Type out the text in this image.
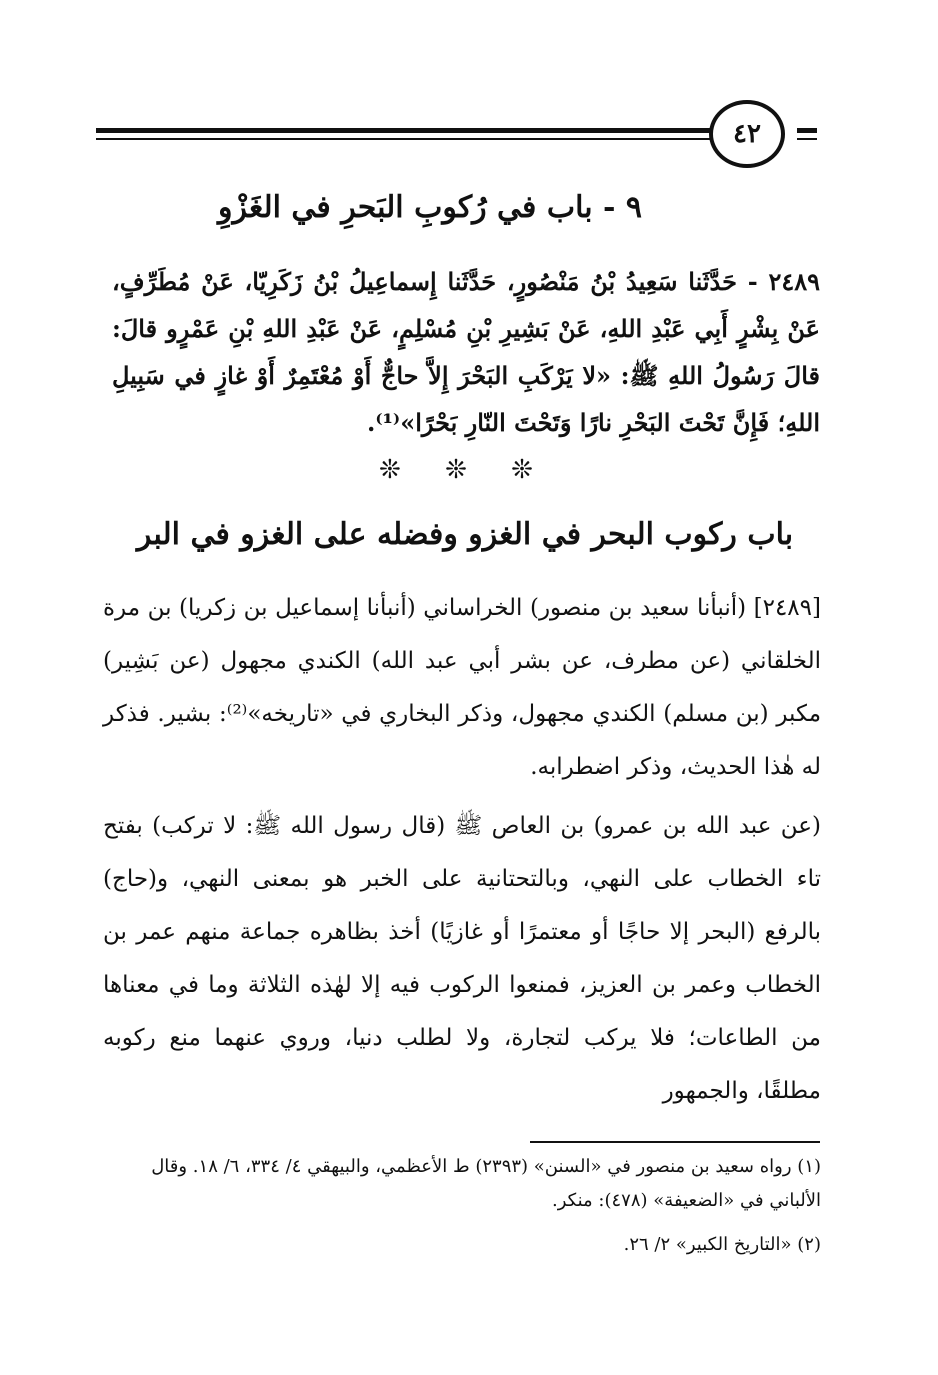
٤٢
٩ - باب في رُكوبِ البَحرِ في الغَزْوِ

٢٤٨٩ - حَدَّثَنا سَعِيدُ بْنُ مَنْصُورٍ، حَدَّثَنا إِسماعِيلُ بْنُ زَكَرِيّا، عَنْ مُطَرِّفٍ، عَنْ بِشْرٍ أَبِي عَبْدِ اللهِ، عَنْ بَشِيرِ بْنِ مُسْلِمٍ، عَنْ عَبْدِ اللهِ بْنِ عَمْرٍو قالَ: قالَ رَسُولُ اللهِ ﷺ: «لا يَرْكَبِ البَحْرَ إِلاَّ حاجٌّ أَوْ مُعْتَمِرٌ أَوْ غازٍ في سَبِيلِ اللهِ؛ فَإِنَّ تَحْتَ البَحْرِ نارًا وَتَحْتَ النّارِ بَحْرًا»⁽¹⁾.

❊ ❊ ❊
باب ركوب البحر في الغزو وفضله على الغزو في البر

[٢٤٨٩] (أنبأنا سعيد بن منصور) الخراساني (أنبأنا إسماعيل بن زكريا) بن مرة الخلقاني (عن مطرف، عن بشر أبي عبد الله) الكندي مجهول (عن بَشِير) مكبر (بن مسلم) الكندي مجهول، وذكر البخاري في «تاريخه»⁽²⁾: بشير. فذكر له هٰذا الحديث، وذكر اضطرابه.

(عن عبد الله بن عمرو) بن العاص ﷺ (قال رسول الله ﷺ: لا تركب) بفتح تاء الخطاب على النهي، وبالتحتانية على الخبر هو بمعنى النهي، و(حاج) بالرفع (البحر إلا حاجًا أو معتمرًا أو غازيًا) أخذ بظاهره جماعة منهم عمر بن الخطاب وعمر بن العزيز، فمنعوا الركوب فيه إلا لهٰذه الثلاثة وما في معناها من الطاعات؛ فلا يركب لتجارة، ولا لطلب دنيا، وروي عنهما منع ركوبه مطلقًا، والجمهور

(١) رواه سعيد بن منصور في «السنن» (٢٣٩٣) ط الأعظمي، والبيهقي ٤/ ٣٣٤، ٦/ ١٨. وقال الألباني في «الضعيفة» (٤٧٨): منكر.

(٢) «التاريخ الكبير» ٢/ ٢٦.
